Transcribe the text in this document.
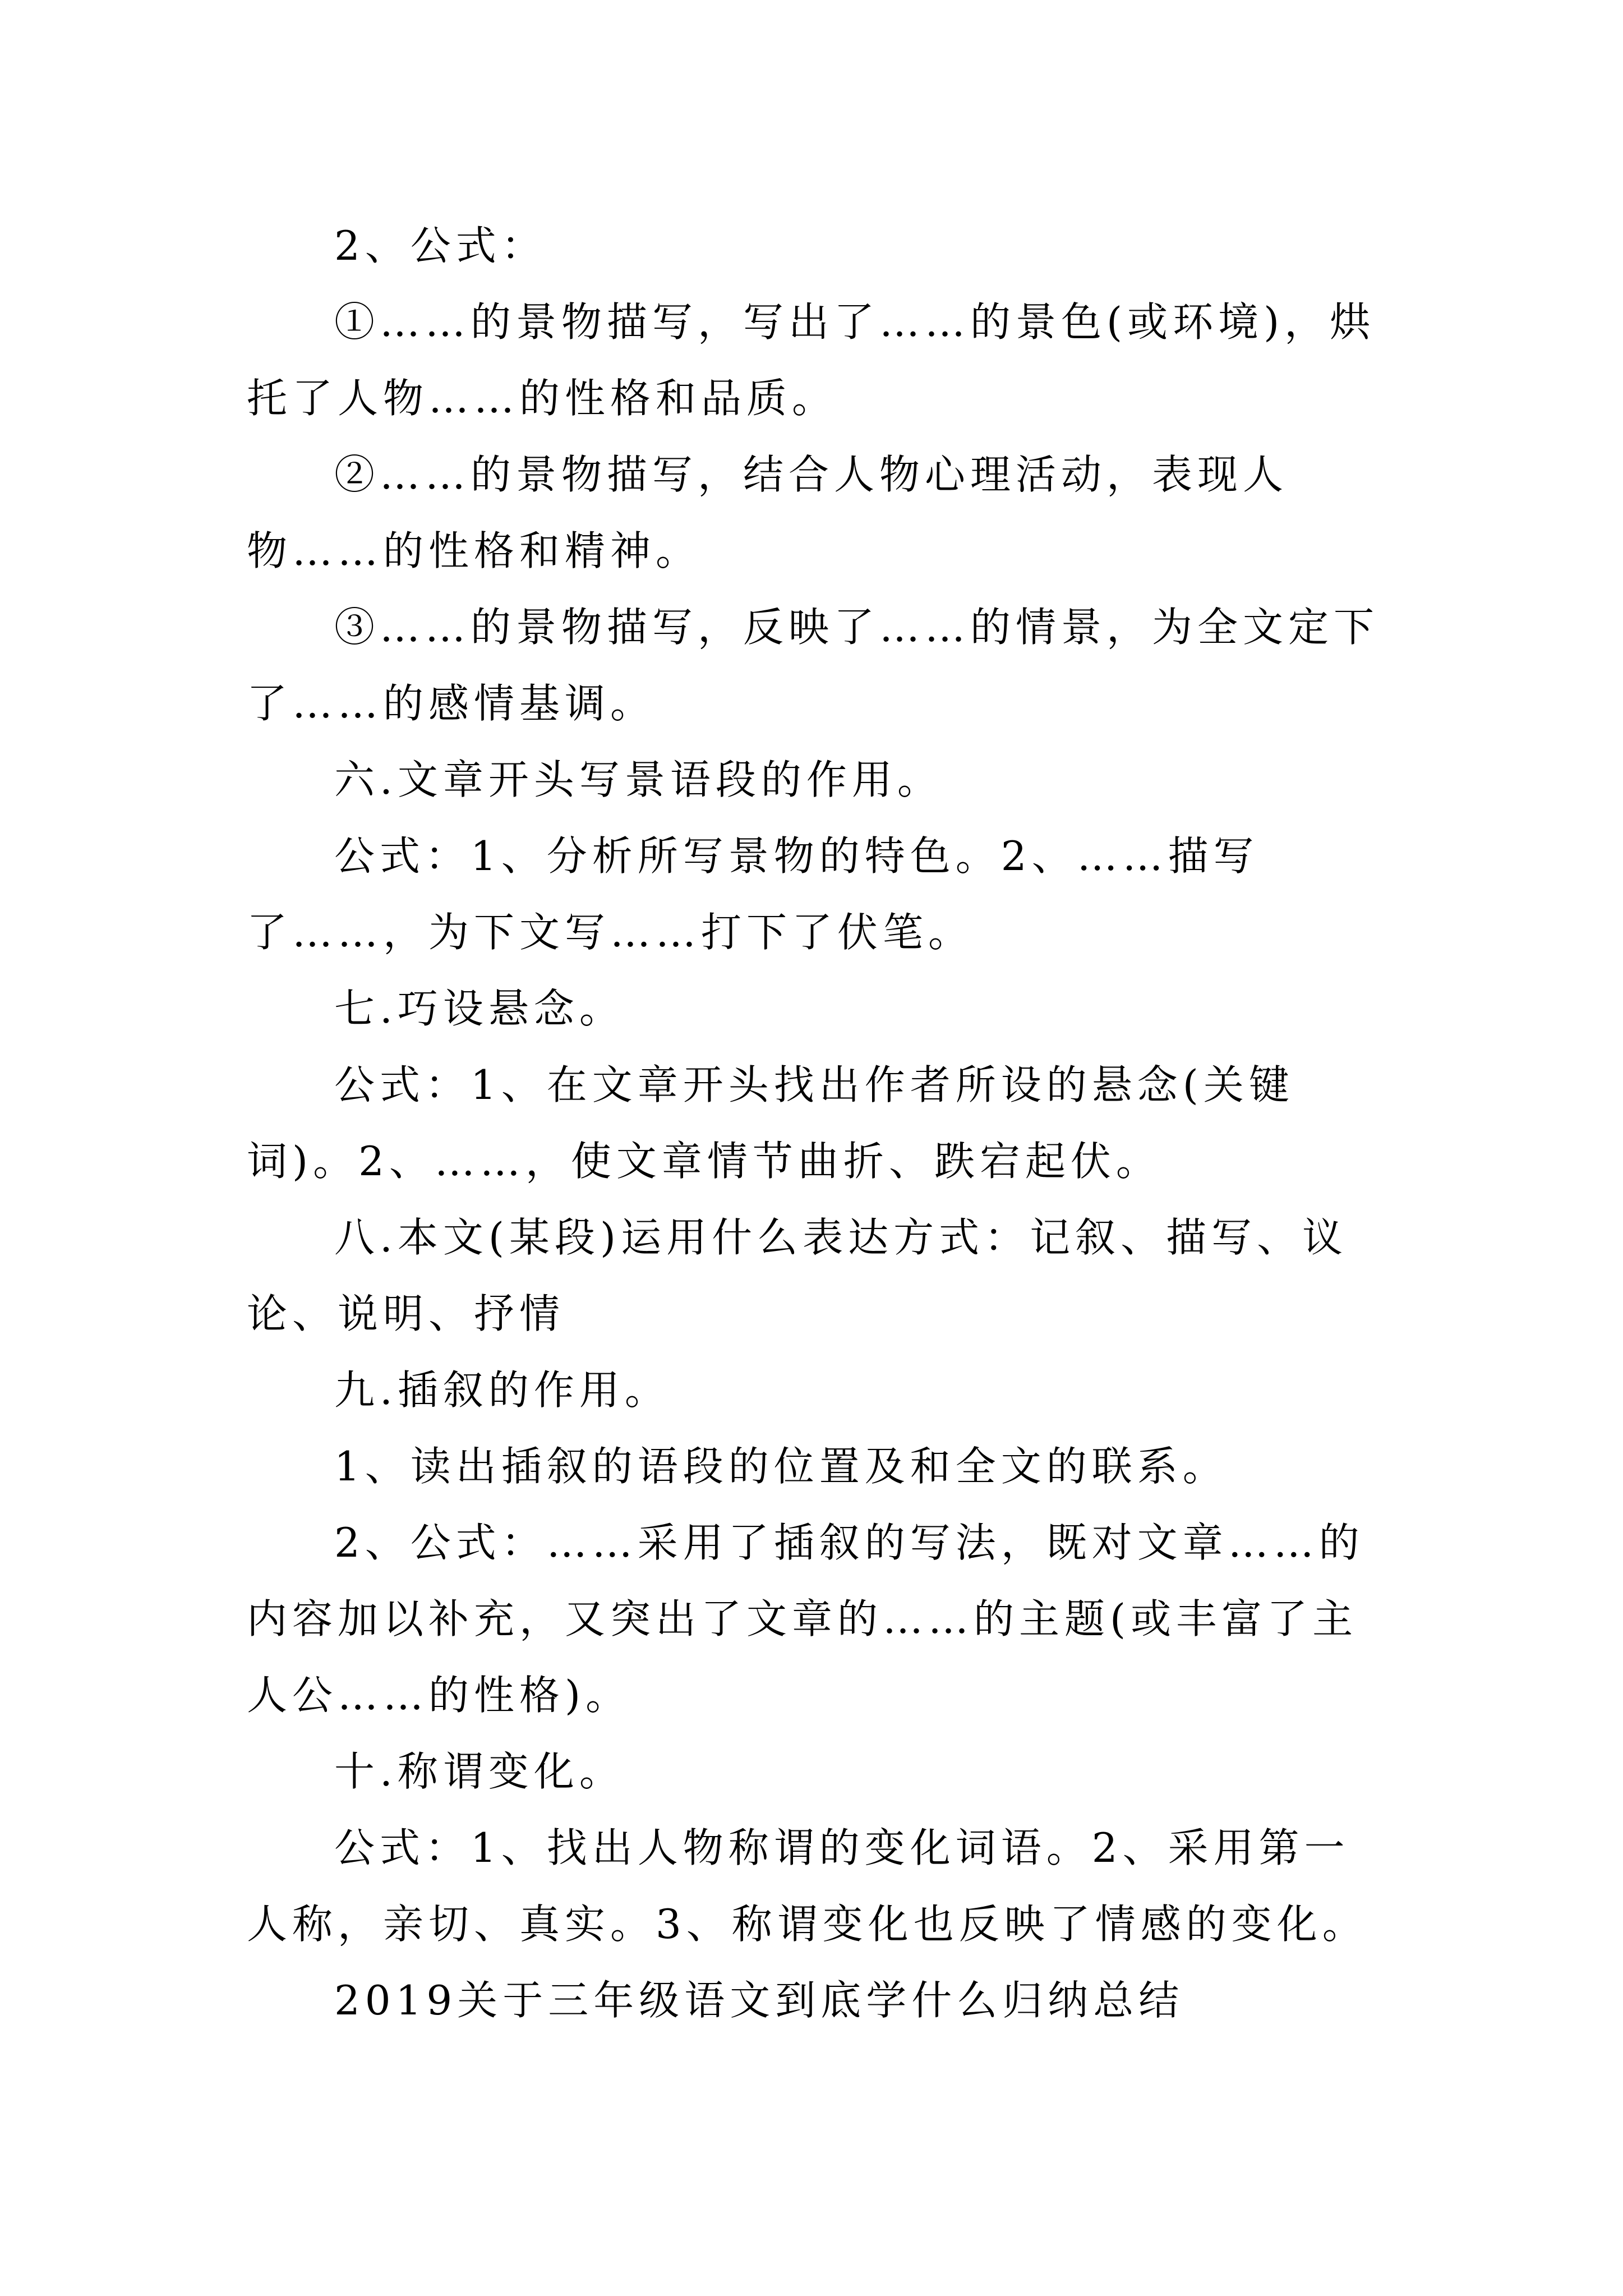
2、公式：

①……的景物描写，写出了……的景色(或环境)，烘托了人物……的性格和品质。

②……的景物描写，结合人物心理活动，表现人物……的性格和精神。

③……的景物描写，反映了……的情景，为全文定下了……的感情基调。

六.文章开头写景语段的作用。

公式：1、分析所写景物的特色。2、……描写了……，为下文写……打下了伏笔。

七.巧设悬念。

公式：1、在文章开头找出作者所设的悬念(关键词)。2、……，使文章情节曲折、跌宕起伏。

八.本文(某段)运用什么表达方式：记叙、描写、议论、说明、抒情

九.插叙的作用。

1、读出插叙的语段的位置及和全文的联系。

2、公式：……采用了插叙的写法，既对文章……的内容加以补充，又突出了文章的……的主题(或丰富了主人公……的性格)。

十.称谓变化。

公式：1、找出人物称谓的变化词语。2、采用第一人称，亲切、真实。3、称谓变化也反映了情感的变化。

2019关于三年级语文到底学什么归纳总结
